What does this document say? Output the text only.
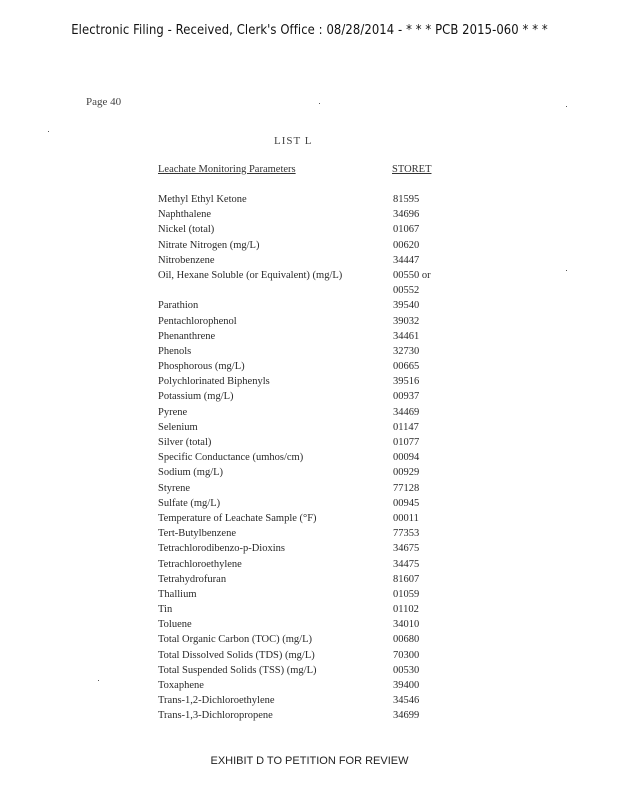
Electronic Filing - Received, Clerk's Office : 08/28/2014 - * * * PCB 2015-060 * * *
Page 40
LIST L
Leachate Monitoring Parameters	STORET
Methyl Ethyl Ketone	81595
Naphthalene	34696
Nickel (total)	01067
Nitrate Nitrogen (mg/L)	00620
Nitrobenzene	34447
Oil, Hexane Soluble (or Equivalent) (mg/L)	00550 or 00552
Parathion	39540
Pentachlorophenol	39032
Phenanthrene	34461
Phenols	32730
Phosphorous (mg/L)	00665
Polychlorinated Biphenyls	39516
Potassium (mg/L)	00937
Pyrene	34469
Selenium	01147
Silver (total)	01077
Specific Conductance (umhos/cm)	00094
Sodium (mg/L)	00929
Styrene	77128
Sulfate (mg/L)	00945
Temperature of Leachate Sample (°F)	00011
Tert-Butylbenzene	77353
Tetrachlorodibenzo-p-Dioxins	34675
Tetrachloroethylene	34475
Tetrahydrofuran	81607
Thallium	01059
Tin	01102
Toluene	34010
Total Organic Carbon (TOC) (mg/L)	00680
Total Dissolved Solids (TDS) (mg/L)	70300
Total Suspended Solids (TSS) (mg/L)	00530
Toxaphene	39400
Trans-1,2-Dichloroethylene	34546
Trans-1,3-Dichloropropene	34699
EXHIBIT D TO PETITION FOR REVIEW
